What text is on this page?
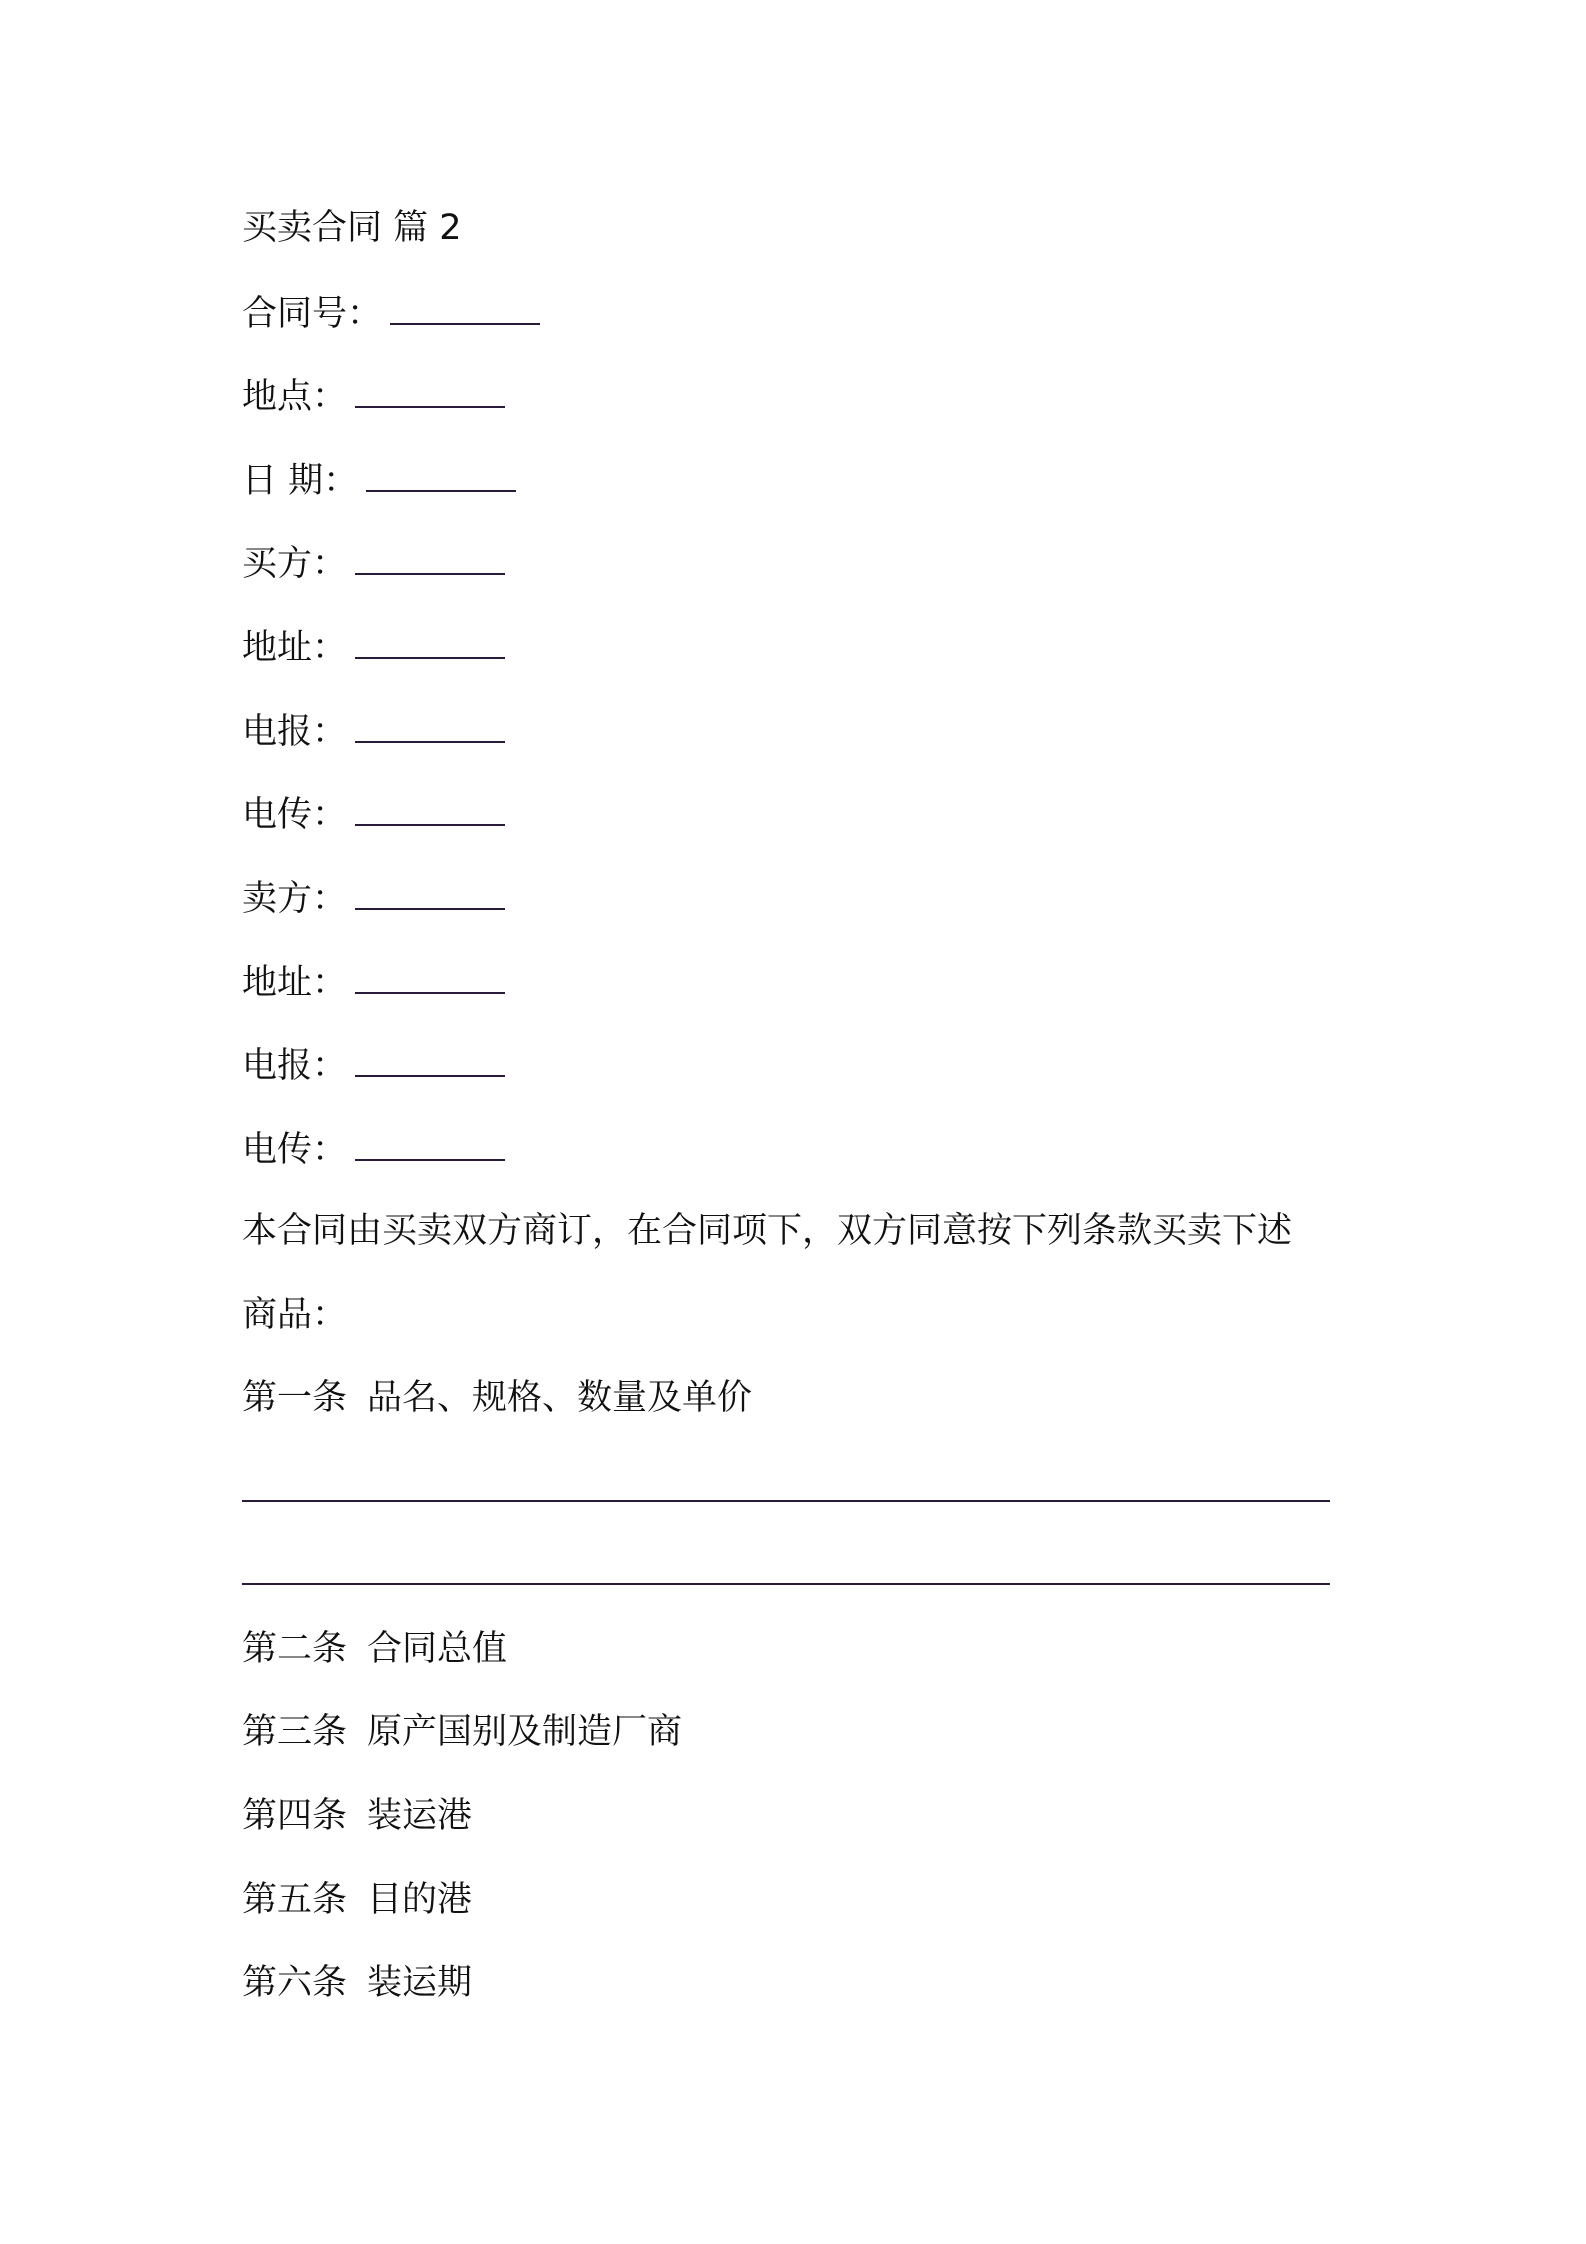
买卖合同 篇 2
合同号：
地点：
日 期：
买方：
地址：
电报：
电传：
卖方：
地址：
电报：
电传：
本合同由买卖双方商订，在合同项下，双方同意按下列条款买卖下述
商品：
第一条 品名、规格、数量及单价
第二条 合同总值
第三条 原产国别及制造厂商
第四条 装运港
第五条 目的港
第六条 装运期
